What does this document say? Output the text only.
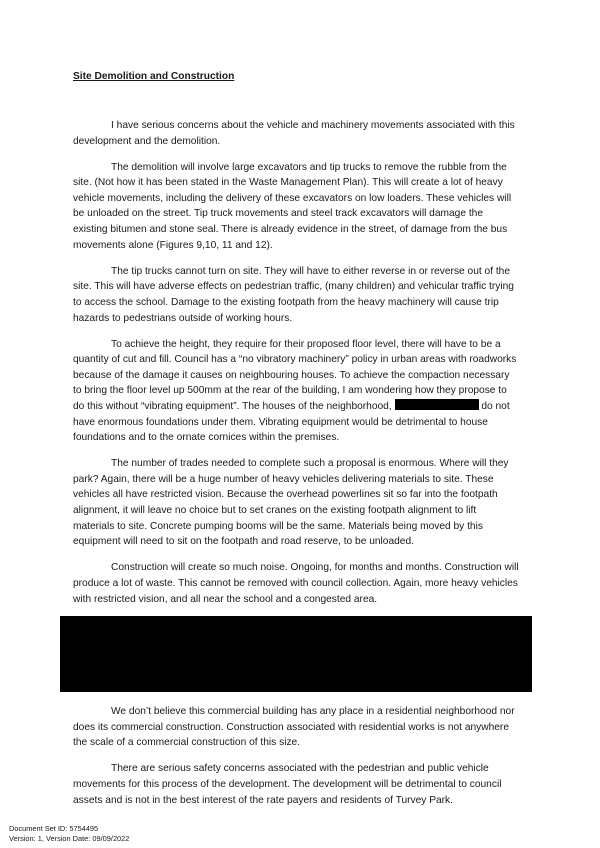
Site Demolition and Construction

I have serious concerns about the vehicle and machinery movements associated with this development and the demolition.

The demolition will involve large excavators and tip trucks to remove the rubble from the site. (Not how it has been stated in the Waste Management Plan). This will create a lot of heavy vehicle movements, including the delivery of these excavators on low loaders. These vehicles will be unloaded on the street. Tip truck movements and steel track excavators will damage the existing bitumen and stone seal. There is already evidence in the street, of damage from the bus movements alone (Figures 9,10, 11 and 12).

The tip trucks cannot turn on site. They will have to either reverse in or reverse out of the site. This will have adverse effects on pedestrian traffic, (many children) and vehicular traffic trying to access the school. Damage to the existing footpath from the heavy machinery will cause trip hazards to pedestrians outside of working hours.

To achieve the height, they require for their proposed floor level, there will have to be a quantity of cut and fill. Council has a “no vibratory machinery” policy in urban areas with roadworks because of the damage it causes on neighbouring houses. To achieve the compaction necessary to bring the floor level up 500mm at the rear of the building, I am wondering how they propose to do this without “vibrating equipment”. The houses of the neighborhood,	do not have enormous foundations under them. Vibrating equipment would be detrimental to house foundations and to the ornate cornices within the premises.

The number of trades needed to complete such a proposal is enormous. Where will they park? Again, there will be a huge number of heavy vehicles delivering materials to site. These vehicles all have restricted vision. Because the overhead powerlines sit so far into the footpath alignment, it will leave no choice but to set cranes on the existing footpath alignment to lift materials to site. Concrete pumping booms will be the same. Materials being moved by this equipment will need to sit on the footpath and road reserve, to be unloaded.

Construction will create so much noise. Ongoing, for months and months. Construction will produce a lot of waste. This cannot be removed with council collection. Again, more heavy vehicles with restricted vision, and all near the school and a congested area.

We don’t believe this commercial building has any place in a residential neighborhood nor does its commercial construction. Construction associated with residential works is not anywhere the scale of a commercial construction of this size.

There are serious safety concerns associated with the pedestrian and public vehicle movements for this process of the development. The development will be detrimental to council assets and is not in the best interest of the rate payers and residents of Turvey Park.

Document Set ID: 5754495
Version: 1, Version Date: 09/09/2022
